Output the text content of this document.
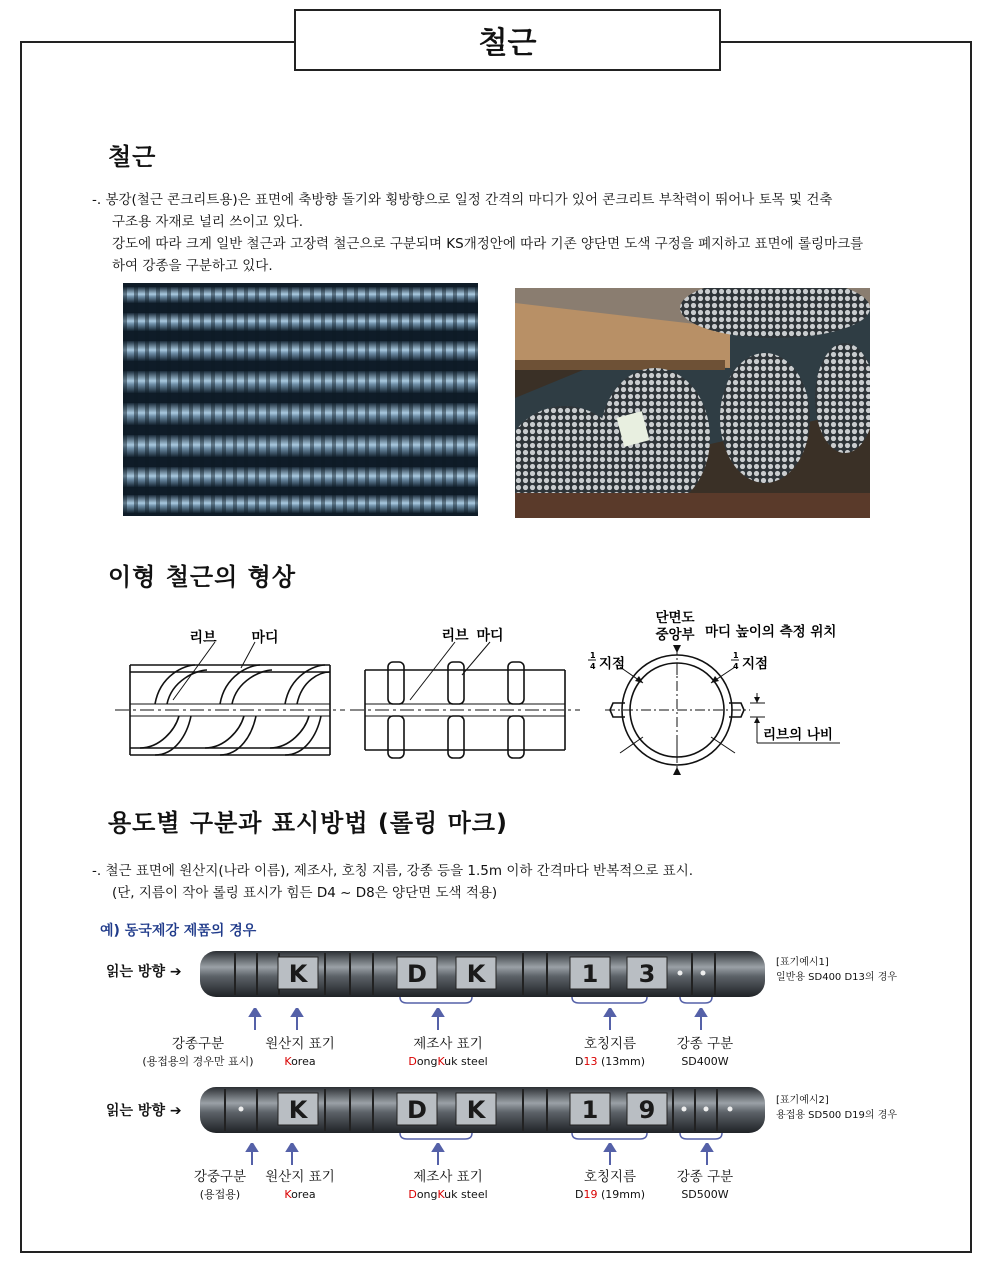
철근
철근
-. 봉강(철근 콘크리트용)은 표면에 축방향 돌기와 횡방향으로 일정 간격의 마디가 있어 콘크리트 부착력이 뛰어나 토목 및 건축
구조용 자재로 널리 쓰이고 있다.
강도에 따라 크게 일반 철근과 고장력 철근으로 구분되며 KS개정안에 따라 기존 양단면 도색 구정을 폐지하고 표면에 롤링마크를
하여 강종을 구분하고 있다.
이형 철근의 형상
리브 마디	리브 마디
단면도
중앙부 마디 높이의 측정 위치
1
4 지점
1
4 지점
리브의 나비
용도별 구분과 표시방법 (롤링 마크)
-. 철근 표면에 원산지(나라 이름), 제조사, 호칭 지름, 강종 등을 1.5m 이하 간격마다 반복적으로 표시.
(단, 지름이 작아 롤링 표시가 힘든 D4 ~ D8은 양단면 도색 적용)
예) 동국제강 제품의 경우
읽는 방향 ➔	K	D K	1 3	[표기예시1]
일반용 SD400 D13의 경우
강종구분
(용접용의 경우만 표시)
원산지 표기
Korea
제조사 표기
DongKuk steel
호칭지름
D13 (13mm)
강종 구분
SD400W
읽는 방향 ➔	K	D K	1 9	[표기예시2]
용접용 SD500 D19의 경우
강중구분
(용접용)
원산지 표기
Korea
제조사 표기
DongKuk steel
호칭지름
D19 (19mm)
강종 구분
SD500W
